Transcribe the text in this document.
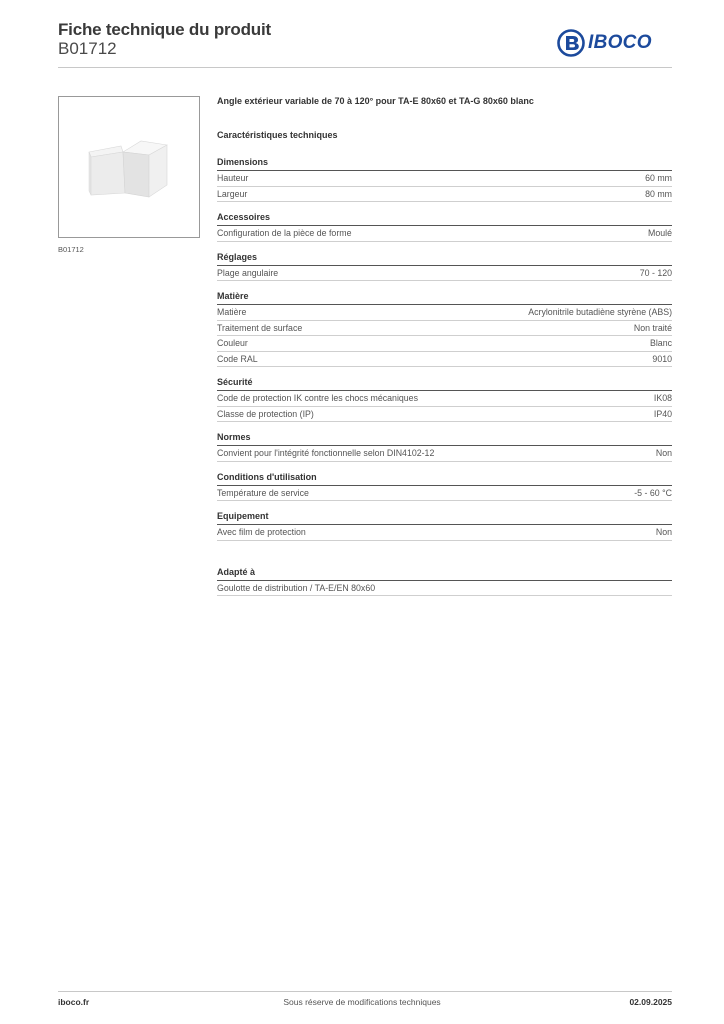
Fiche technique du produit
B01712	IBOCO
B01712
Angle extérieur variable de 70 à 120° pour TA-E 80x60 et TA-G 80x60 blanc
Caractéristiques techniques
Dimensions
Hauteur	60 mm
Largeur	80 mm
Accessoires
Configuration de la pièce de forme	Moulé
Réglages
Plage angulaire	70 - 120
Matière
Matière	Acrylonitrile butadiène styrène (ABS)
Traitement de surface	Non traité
Couleur	Blanc
Code RAL	9010
Sécurité
Code de protection IK contre les chocs mécaniques	IK08
Classe de protection (IP)	IP40
Normes
Convient pour l'intégrité fonctionnelle selon DIN4102-12	Non
Conditions d'utilisation
Température de service	-5 - 60 °C
Equipement
Avec film de protection	Non
Adapté à
Goulotte de distribution / TA-E/EN 80x60
iboco.fr	Sous réserve de modifications techniques	02.09.2025
